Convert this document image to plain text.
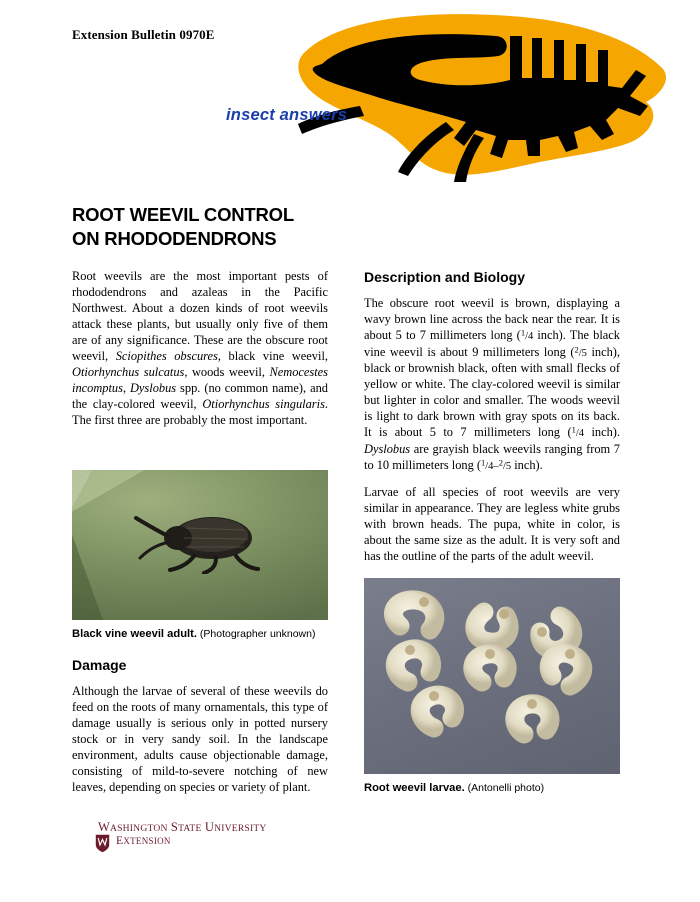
Extension Bulletin 0970E
insect answers
ROOT WEEVIL CONTROL
ON RHODODENDRONS

Root weevils are the most important pests of rhododendrons and azaleas in the Pacific Northwest. About a dozen kinds of root weevils attack these plants, but usually only five of them are of any significance. These are the obscure root weevil, Sciopithes obscures, black vine weevil, Otiorhynchus sulcatus, woods weevil, Nemocestes incomptus, Dyslobus spp. (no common name), and the clay-colored weevil, Otiorhynchus singularis. The first three are probably the most important.

Black vine weevil adult. (Photographer unknown)
Damage

Although the larvae of several of these weevils do feed on the roots of many ornamentals, this type of damage usually is serious only in potted nursery stock or in very sandy soil. In the landscape environment, adults cause objectionable damage, consisting of mild-to-severe notching of new leaves, depending on species or variety of plant.

Description and Biology

The obscure root weevil is brown, displaying a wavy brown line across the back near the rear. It is about 5 to 7 millimeters long ($^1$/4 inch). The black vine weevil is about 9 millimeters long ($^2$/5 inch), black or brownish black, often with small flecks of yellow or white. The clay-colored weevil is similar but lighter in color and smaller. The woods weevil is light to dark brown with gray spots on its back. It is about 5 to 7 millimeters long ($^1$/4 inch). Dyslobus are grayish black weevils ranging from 7 to 10 millimeters long ($^1$/4–$^2$/5 inch).

Larvae of all species of root weevils are very similar in appearance. They are legless white grubs with brown heads. The pupa, white in color, is about the same size as the adult. It is very soft and has the outline of the parts of the adult weevil.

Root weevil larvae. (Antonelli photo)
WASHINGTON STATE UNIVERSITY
EXTENSION
